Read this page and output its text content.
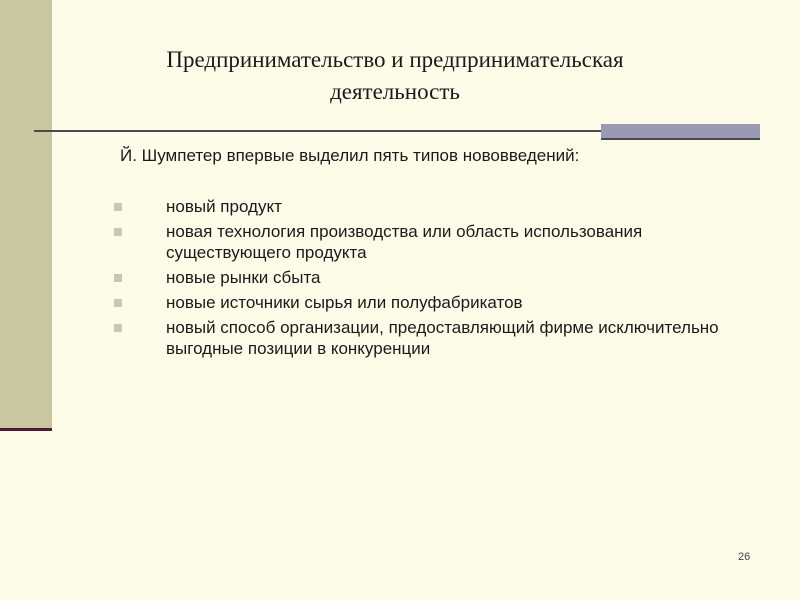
Предпринимательство и предпринимательская
деятельность
Й. Шумпетер впервые выделил пять типов нововведений:
новый продукт
новая технология производства или область использования существующего продукта
новые рынки сбыта
новые источники сырья или полуфабрикатов
новый способ организации, предоставляющий фирме исключительно выгодные позиции в конкуренции
26
